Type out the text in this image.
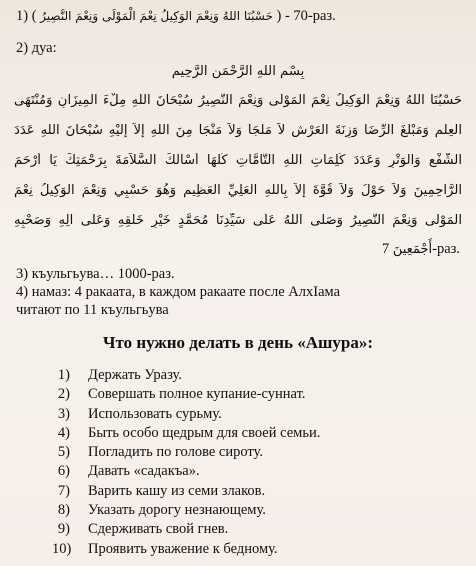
1) ( حَسْبُنَا اللهُ وَنِعْمَ الوَكِيلُ نِعْمَ الْمَوْلَى وَنِعْمَ النَّصِيرُ ) - 70-раз.
2) дуа:
بِسْمِ اللهِ الرَّحْمَنِ الرَّحِيمِ
حَسْبُنَا اللهُ وَنِعْمَ الوَكِيلُ نِعْمَ الْمَوْلَى وَنِعْمَ النَّصِيرُ سُبْحَانَ اللهِ مِلْءَ الْمِيزَانِ وَمُنْتَهَى
الْعِلْمِ وَمَبْلَغَ الرِّضَا وَزِنَةَ الْعَرْشِ لاَ مَلْجَأَ وَلاَ مَنْجَا مِنَ اللهِ إِلاَّ إِلَيْهِ سُبْحَانَ اللهِ عَدَدَ
الشَّفْعِ وَالْوَتْرِ وَعَدَدَ كَلِمَاتِ اللهِ التَّامَّاتِ كُلِّهَا أَسْأَلُكَ السَّلاَمَةَ بِرَحْمَتِكَ يَا أَرْحَمَ
الرَّاحِمِينَ وَلاَ حَوْلَ وَلاَ قُوَّةَ إِلاَّ بِاللهِ الْعَلِيِّ الْعَظِيمِ وَهُوَ حَسْبِي وَنِعْمَ الْوَكِيلُ نِعْمَ
الْمَوْلَى وَنِعْمَ النَّصِيرُ وَصَلَّى اللهُ عَلَى سَيِّدِنَا مُحَمَّدٍ خَيْرِ خَلْقِهِ وَعَلَى آلِهِ وَصَحْبِهِ
أَجْمَعِينَ 7-раз.
3) къульгьува… 1000-раз.
4) намаз: 4 ракаата, в каждом ракаате после АлхIама
читают по 11 къульгьува
Что нужно делать в день «Ашура»:
1)	Держать Уразу.
2)	Совершать полное купание-суннат.
3)	Использовать сурьму.
4)	Быть особо щедрым для своей семьи.
5)	Погладить по голове сироту.
6)	Давать «садакъа».
7)	Варить кашу из семи злаков.
8)	Указать дорогу незнающему.
9)	Сдерживать свой гнев.
10)	Проявить уважение к бедному.
